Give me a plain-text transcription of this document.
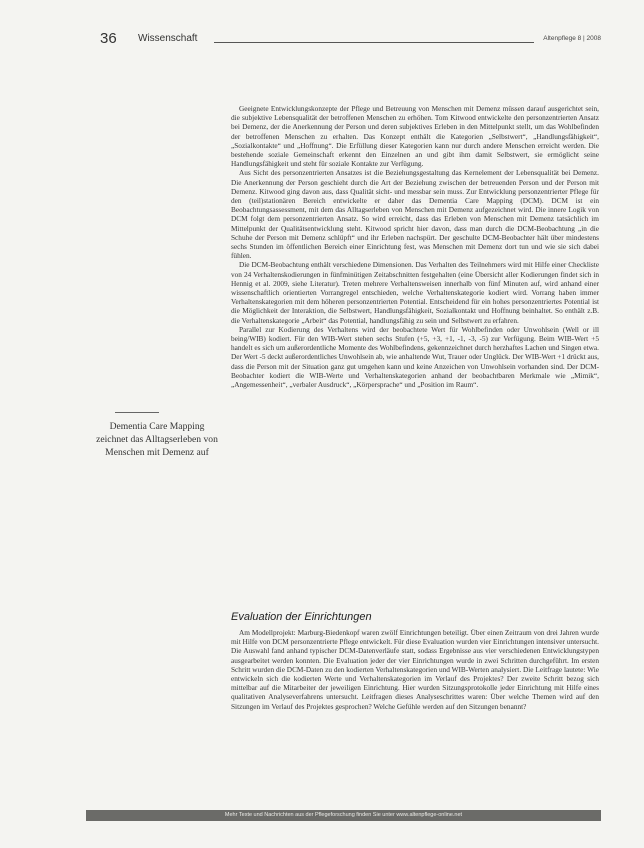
36 Wissenschaft	Altenpflege 8 | 2008

Geeignete Entwicklungskonzepte der Pflege und Betreuung von Menschen mit Demenz müssen darauf ausgerichtet sein, die subjektive Lebensqualität der betroffenen Menschen zu erhöhen. Tom Kitwood entwickelte den personzentrierten Ansatz bei Demenz, der die Anerkennung der Person und deren subjektives Erleben in den Mittelpunkt stellt, um das Wohlbefinden der betroffenen Menschen zu erhalten. Das Konzept enthält die Kategorien „Selbstwert“, „Handlungsfähigkeit“, „Sozialkontakte“ und „Hoffnung“. Die Erfüllung dieser Kategorien kann nur durch andere Menschen erreicht werden. Die bestehende soziale Gemeinschaft erkennt den Einzelnen an und gibt ihm damit Selbstwert, sie ermöglicht seine Handlungsfähigkeit und steht für soziale Kontakte zur Verfügung.

Aus Sicht des personzentrierten Ansatzes ist die Beziehungsgestaltung das Kernelement der Lebensqualität bei Demenz. Die Anerkennung der Person geschieht durch die Art der Beziehung zwischen der betreuenden Person und der Person mit Demenz. Kitwood ging davon aus, dass Qualität sicht- und messbar sein muss. Zur Entwicklung personzentrierter Pflege für den (teil)stationären Bereich entwickelte er daher das Dementia Care Mapping (DCM). DCM ist ein Beobachtungsassessment, mit dem das Alltagserleben von Menschen mit Demenz aufgezeichnet wird. Die innere Logik von DCM folgt dem personzentrierten Ansatz. So wird erreicht, dass das Erleben von Menschen mit Demenz tatsächlich im Mittelpunkt der Qualitätsentwicklung steht. Kitwood spricht hier davon, dass man durch die DCM-Beobachtung „in die Schuhe der Person mit Demenz schlüpft“ und ihr Erleben nachspürt. Der geschulte DCM-Beobachter hält über mindestens sechs Stunden im öffentlichen Bereich einer Einrichtung fest, was Menschen mit Demenz dort tun und wie sie sich dabei fühlen.

Die DCM-Beobachtung enthält verschiedene Dimensionen. Das Verhalten des Teilnehmers wird mit Hilfe einer Checkliste von 24 Verhaltenskodierungen in fünfminütigen Zeitabschnitten festgehalten (eine Übersicht aller Kodierungen findet sich in Hennig et al. 2009, siehe Literatur). Treten mehrere Verhaltensweisen innerhalb von fünf Minuten auf, wird anhand einer wissenschaftlich orientierten Vorrangregel entschieden, welche Verhaltenskategorie kodiert wird. Vorrang haben immer Verhaltenskategorien mit dem höheren personzentrierten Potential. Entscheidend für ein hohes personzentriertes Potential ist die Möglichkeit der Interaktion, die Selbstwert, Handlungsfähigkeit, Sozialkontakt und Hoffnung beinhaltet. So enthält z.B. die Verhaltenskategorie „Arbeit“ das Potential, handlungsfähig zu sein und Selbstwert zu erfahren.

Parallel zur Kodierung des Verhaltens wird der beobachtete Wert für Wohlbefinden oder Unwohlsein (Well or ill being/WIB) kodiert. Für den WIB-Wert stehen sechs Stufen (+5, +3, +1, -1, -3, -5) zur Verfügung. Beim WIB-Wert +5 handelt es sich um außerordentliche Momente des Wohlbefindens, gekennzeichnet durch herzhaftes Lachen und Singen etwa. Der Wert -5 deckt außerordentliches Unwohlsein ab, wie anhaltende Wut, Trauer oder Unglück. Der WIB-Wert +1 drückt aus, dass die Person mit der Situation ganz gut umgehen kann und keine Anzeichen von Unwohlsein vorhanden sind. Der DCM-Beobachter kodiert die WIB-Werte und Verhaltenskategorien anhand der beobachtbaren Merkmale wie „Mimik“, „Angemessenheit“, „verbaler Ausdruck“, „Körpersprache“ und „Position im Raum“.

Dementia Care Mapping zeichnet das Alltagserleben von Menschen mit Demenz auf
Evaluation der Einrichtungen

Am Modellprojekt: Marburg-Biedenkopf waren zwölf Einrichtungen beteiligt. Über einen Zeitraum von drei Jahren wurde mit Hilfe von DCM personzentrierte Pflege entwickelt. Für diese Evaluation wurden vier Einrichtungen intensiver untersucht. Die Auswahl fand anhand typischer DCM-Datenverläufe statt, sodass Ergebnisse aus vier verschiedenen Entwicklungstypen ausgearbeitet werden konnten. Die Evaluation jeder der vier Einrichtungen wurde in zwei Schritten durchgeführt. Im ersten Schritt wurden die DCM-Daten zu den kodierten Verhaltenskategorien und WIB-Werten analysiert. Die Leitfrage lautete: Wie entwickeln sich die kodierten Werte und Verhaltenskategorien im Verlauf des Projektes? Der zweite Schritt bezog sich mittelbar auf die Mitarbeiter der jeweiligen Einrichtung. Hier wurden Sitzungsprotokolle jeder Einrichtung mit Hilfe eines qualitativen Analyseverfahrens untersucht. Leitfragen dieses Analyseschrittes waren: Über welche Themen wird auf den Sitzungen im Verlauf des Projektes gesprochen? Welche Gefühle werden auf den Sitzungen benannt?

Mehr Texte und Nachrichten aus der Pflegeforschung finden Sie unter www.altenpflege-online.net
